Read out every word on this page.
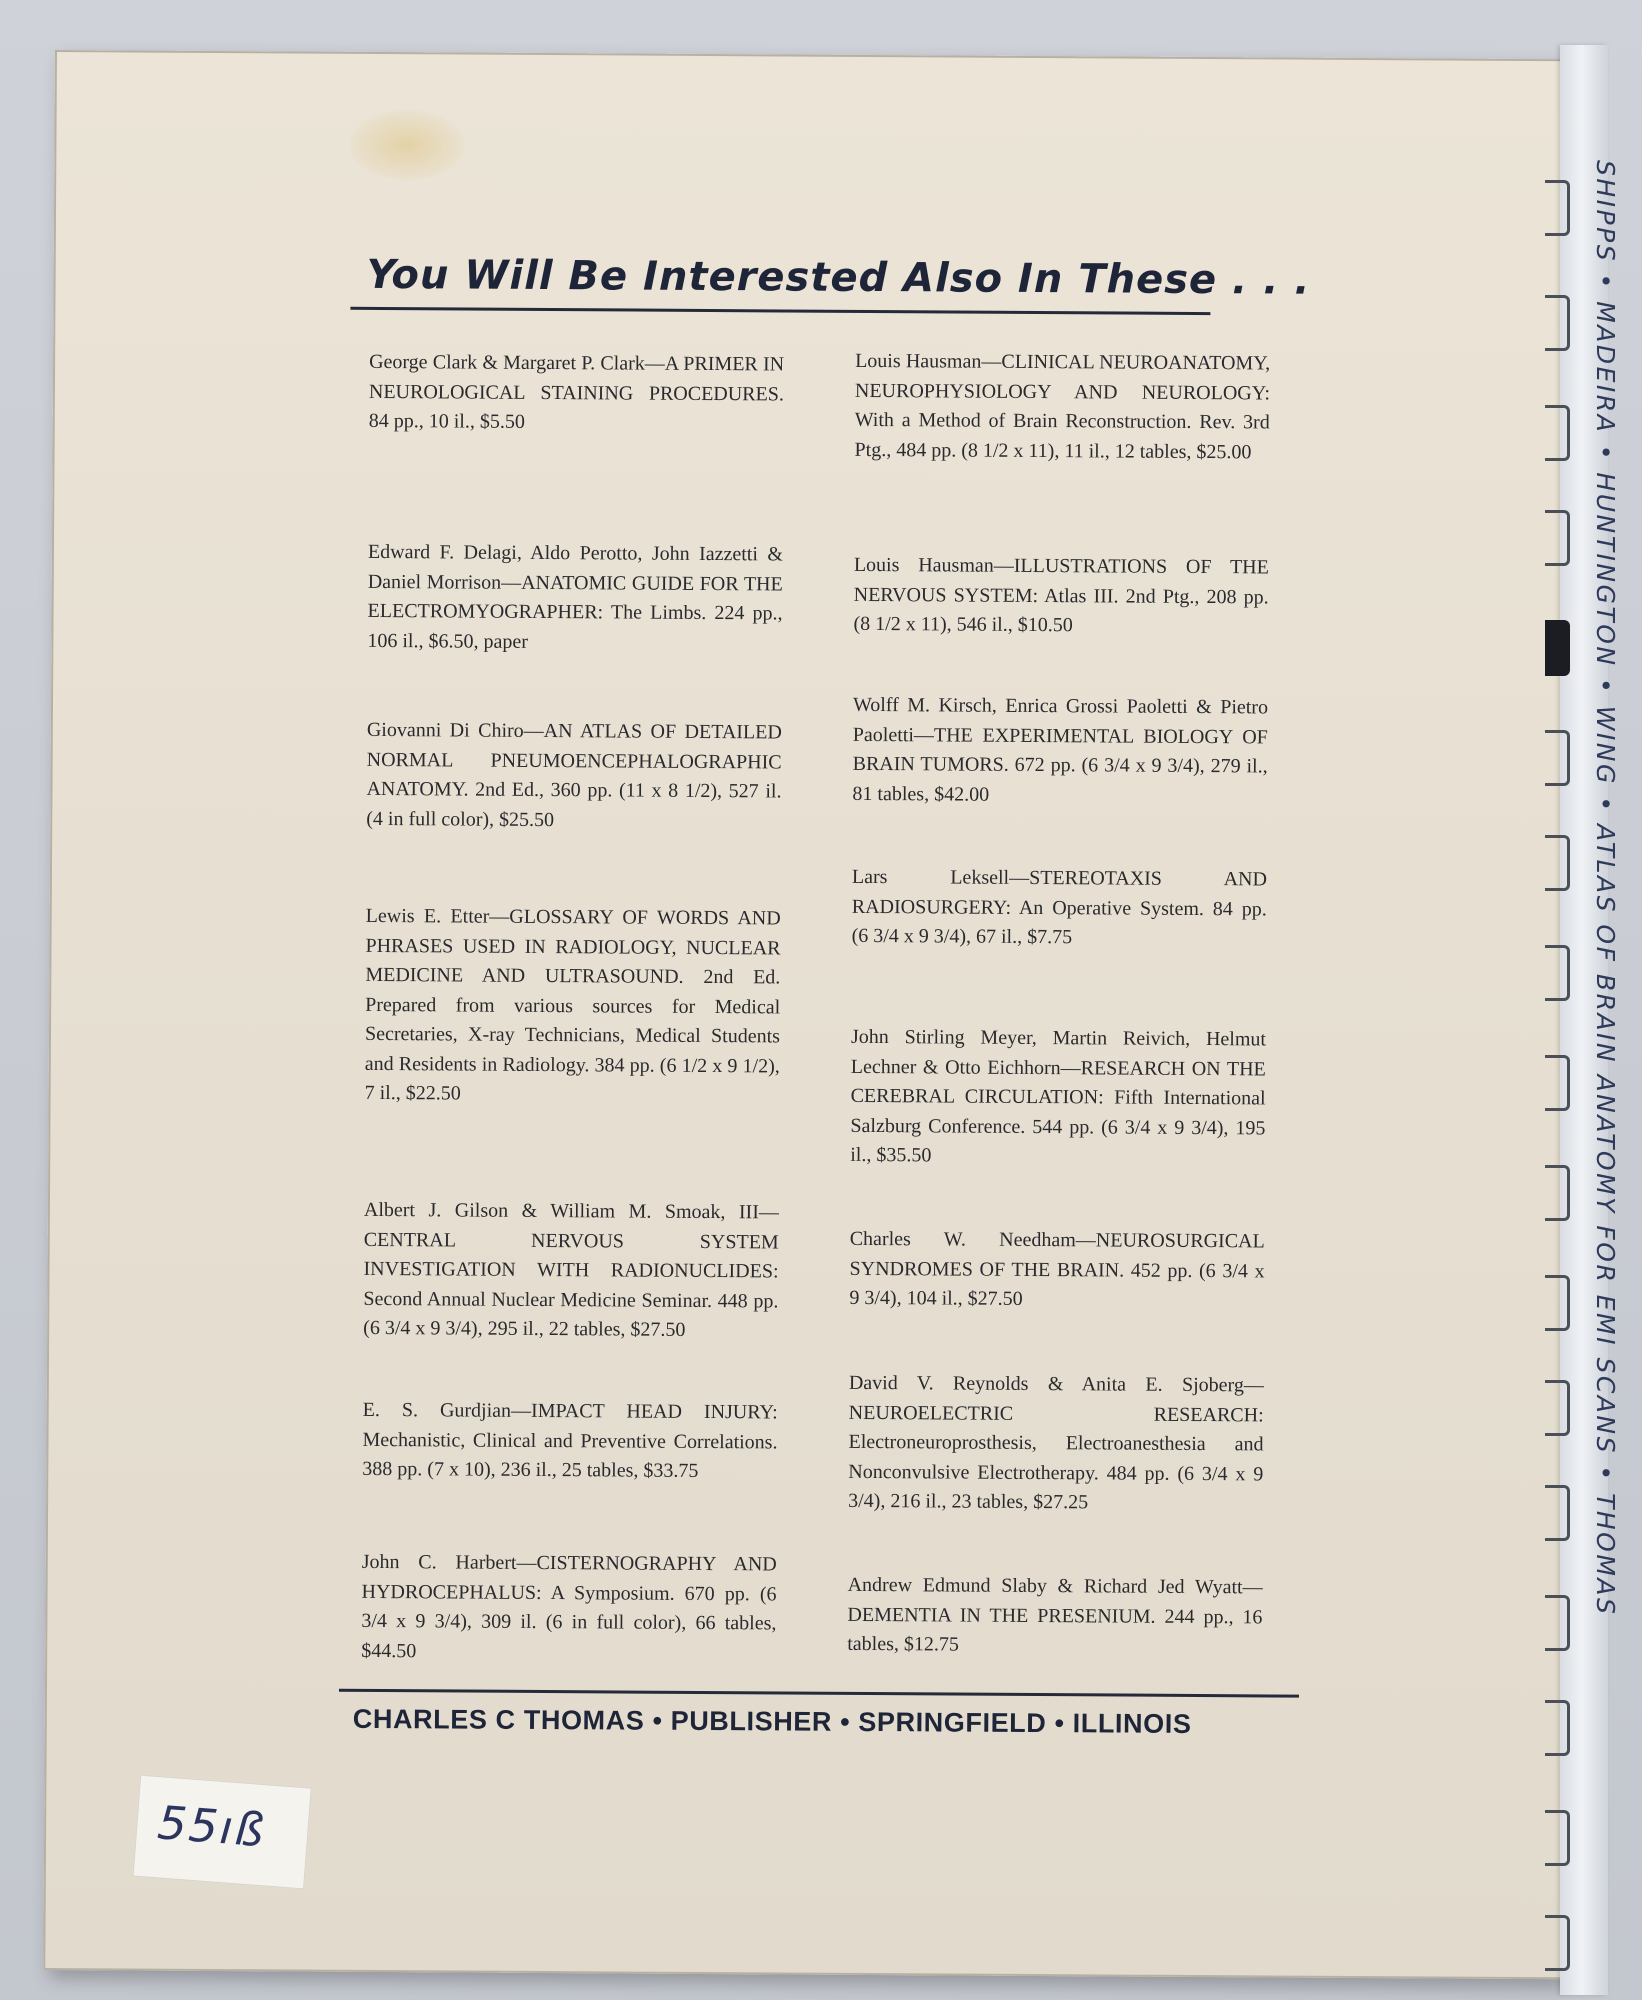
You Will Be Interested Also In These . . .

George Clark & Margaret P. Clark—A PRIMER IN NEUROLOGICAL STAINING PROCEDURES. 84 pp., 10 il., $5.50

Edward F. Delagi, Aldo Perotto, John Iazzetti & Daniel Morrison—ANATOMIC GUIDE FOR THE ELECTROMYOGRAPHER: The Limbs. 224 pp., 106 il., $6.50, paper

Giovanni Di Chiro—AN ATLAS OF DETAILED NORMAL PNEUMOENCEPHALOGRAPHIC ANATOMY. 2nd Ed., 360 pp. (11 x 8 1/2), 527 il. (4 in full color), $25.50

Lewis E. Etter—GLOSSARY OF WORDS AND PHRASES USED IN RADIOLOGY, NUCLEAR MEDICINE AND ULTRASOUND. 2nd Ed. Prepared from various sources for Medical Secretaries, X-ray Technicians, Medical Students and Residents in Radiology. 384 pp. (6 1/2 x 9 1/2), 7 il., $22.50

Albert J. Gilson & William M. Smoak, III—CENTRAL NERVOUS SYSTEM INVESTIGATION WITH RADIONUCLIDES: Second Annual Nuclear Medicine Seminar. 448 pp. (6 3/4 x 9 3/4), 295 il., 22 tables, $27.50

E. S. Gurdjian—IMPACT HEAD INJURY: Mechanistic, Clinical and Preventive Correlations. 388 pp. (7 x 10), 236 il., 25 tables, $33.75

John C. Harbert—CISTERNOGRAPHY AND HYDROCEPHALUS: A Symposium. 670 pp. (6 3/4 x 9 3/4), 309 il. (6 in full color), 66 tables, $44.50

Louis Hausman—CLINICAL NEUROANATOMY, NEUROPHYSIOLOGY AND NEUROLOGY: With a Method of Brain Reconstruction. Rev. 3rd Ptg., 484 pp. (8 1/2 x 11), 11 il., 12 tables, $25.00

Louis Hausman—ILLUSTRATIONS OF THE NERVOUS SYSTEM: Atlas III. 2nd Ptg., 208 pp. (8 1/2 x 11), 546 il., $10.50

Wolff M. Kirsch, Enrica Grossi Paoletti & Pietro Paoletti—THE EXPERIMENTAL BIOLOGY OF BRAIN TUMORS. 672 pp. (6 3/4 x 9 3/4), 279 il., 81 tables, $42.00

Lars Leksell—STEREOTAXIS AND RADIOSURGERY: An Operative System. 84 pp. (6 3/4 x 9 3/4), 67 il., $7.75

John Stirling Meyer, Martin Reivich, Helmut Lechner & Otto Eichhorn—RESEARCH ON THE CEREBRAL CIRCULATION: Fifth International Salzburg Conference. 544 pp. (6 3/4 x 9 3/4), 195 il., $35.50

Charles W. Needham—NEUROSURGICAL SYNDROMES OF THE BRAIN. 452 pp. (6 3/4 x 9 3/4), 104 il., $27.50

David V. Reynolds & Anita E. Sjoberg—NEUROELECTRIC RESEARCH: Electroneuroprosthesis, Electroanesthesia and Nonconvulsive Electrotherapy. 484 pp. (6 3/4 x 9 3/4), 216 il., 23 tables, $27.25

Andrew Edmund Slaby & Richard Jed Wyatt—DEMENTIA IN THE PRESENIUM. 244 pp., 16 tables, $12.75

CHARLES C THOMAS • PUBLISHER • SPRINGFIELD • ILLINOIS
55ıß
SHIPPS • MADEIRA • HUNTINGTON • WING • ATLAS OF BRAIN ANATOMY FOR EMI SCANS • THOMAS
